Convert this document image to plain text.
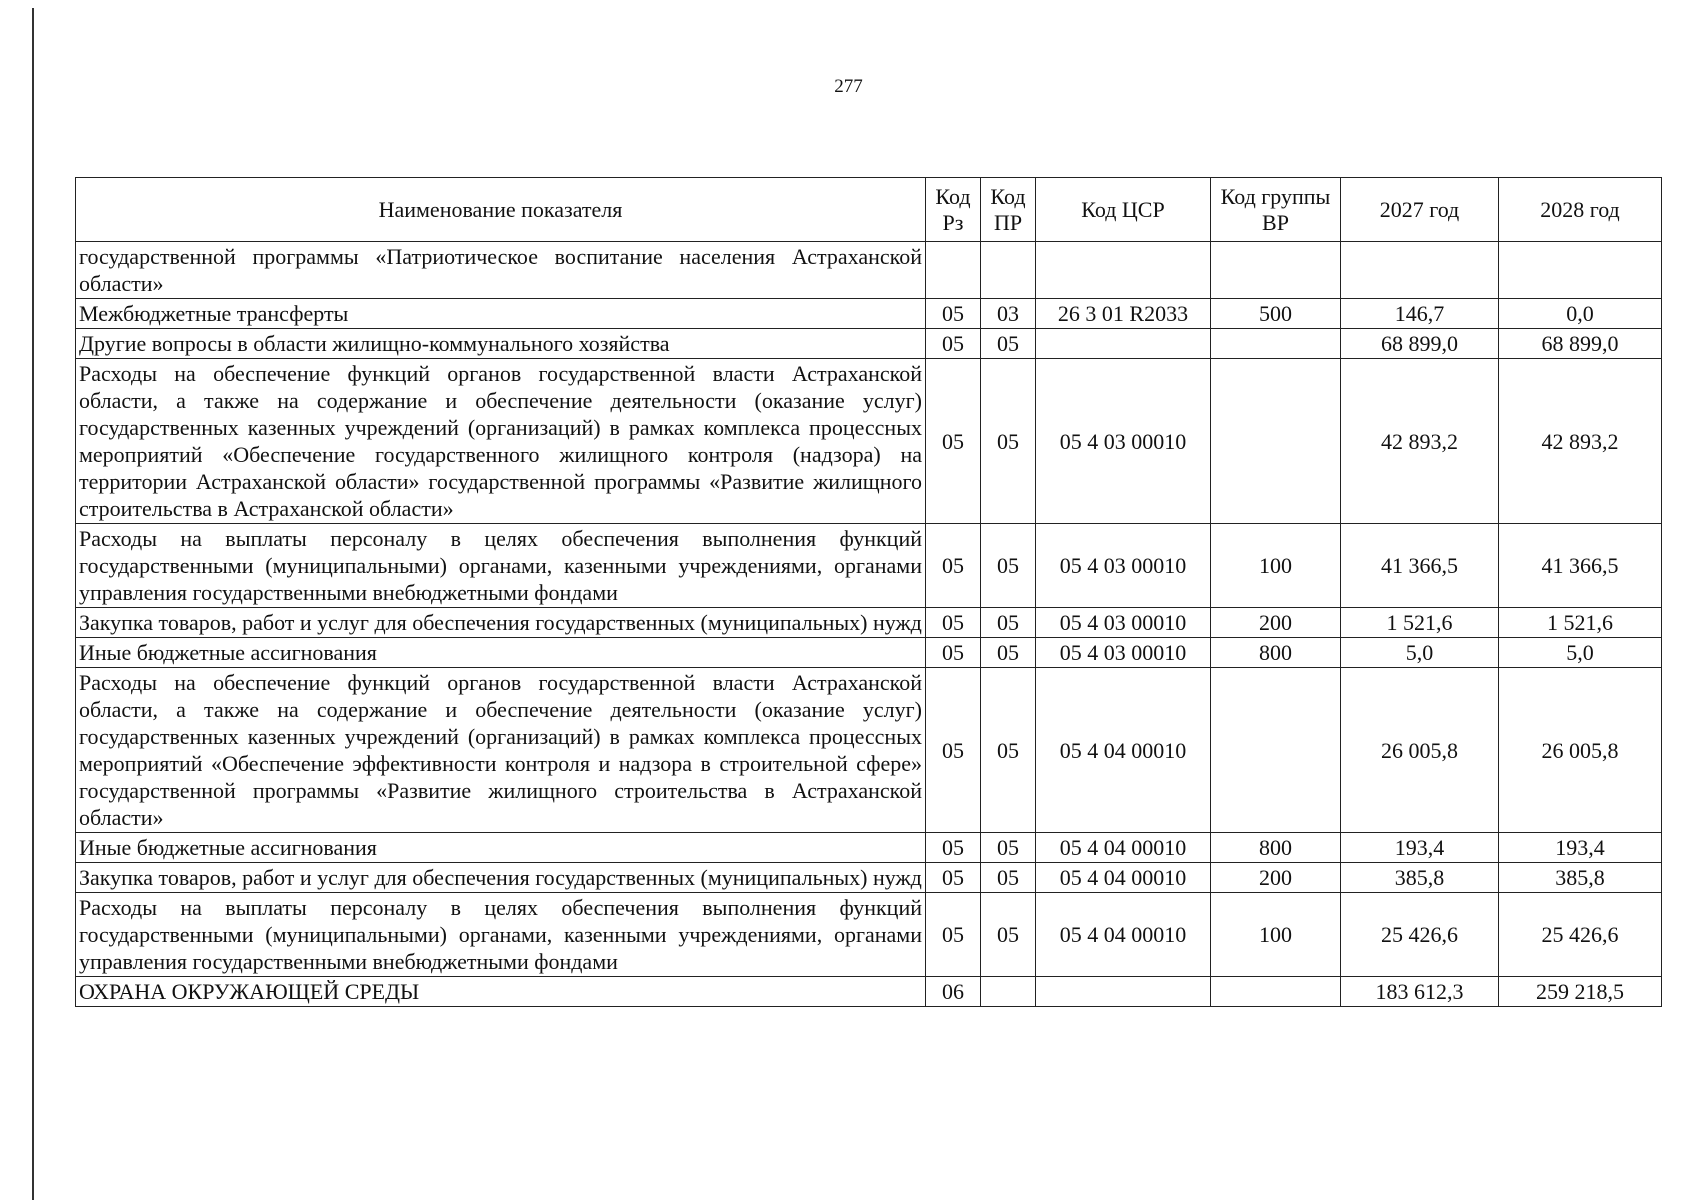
277
Наименование показателя	Код Рз	Код ПР	Код ЦСР	Код группы ВР	2027 год	2028 год
государственной программы «Патриотическое воспитание населения Астраханской области»						
Межбюджетные трансферты	05	03	26 3 01 R2033	500	146,7	0,0
Другие вопросы в области жилищно-коммунального хозяйства	05	05			68 899,0	68 899,0
Расходы на обеспечение функций органов государственной власти Астраханской области, а также на содержание и обеспечение деятельности (оказание услуг) государственных казенных учреждений (организаций) в рамках комплекса процессных мероприятий «Обеспечение государственного жилищного контроля (надзора) на территории Астраханской области» государственной программы «Развитие жилищного строительства в Астраханской области»	05	05	05 4 03 00010		42 893,2	42 893,2
Расходы на выплаты персоналу в целях обеспечения выполнения функций государственными (муниципальными) органами, казенными учреждениями, органами управления государственными внебюджетными фондами	05	05	05 4 03 00010	100	41 366,5	41 366,5
Закупка товаров, работ и услуг для обеспечения государственных (муниципальных) нужд	05	05	05 4 03 00010	200	1 521,6	1 521,6
Иные бюджетные ассигнования	05	05	05 4 03 00010	800	5,0	5,0
Расходы на обеспечение функций органов государственной власти Астраханской области, а также на содержание и обеспечение деятельности (оказание услуг) государственных казенных учреждений (организаций) в рамках комплекса процессных мероприятий «Обеспечение эффективности контроля и надзора в строительной сфере» государственной программы «Развитие жилищного строительства в Астраханской области»	05	05	05 4 04 00010		26 005,8	26 005,8
Иные бюджетные ассигнования	05	05	05 4 04 00010	800	193,4	193,4
Закупка товаров, работ и услуг для обеспечения государственных (муниципальных) нужд	05	05	05 4 04 00010	200	385,8	385,8
Расходы на выплаты персоналу в целях обеспечения выполнения функций государственными (муниципальными) органами, казенными учреждениями, органами управления государственными внебюджетными фондами	05	05	05 4 04 00010	100	25 426,6	25 426,6
ОХРАНА ОКРУЖАЮЩЕЙ СРЕДЫ	06				183 612,3	259 218,5
